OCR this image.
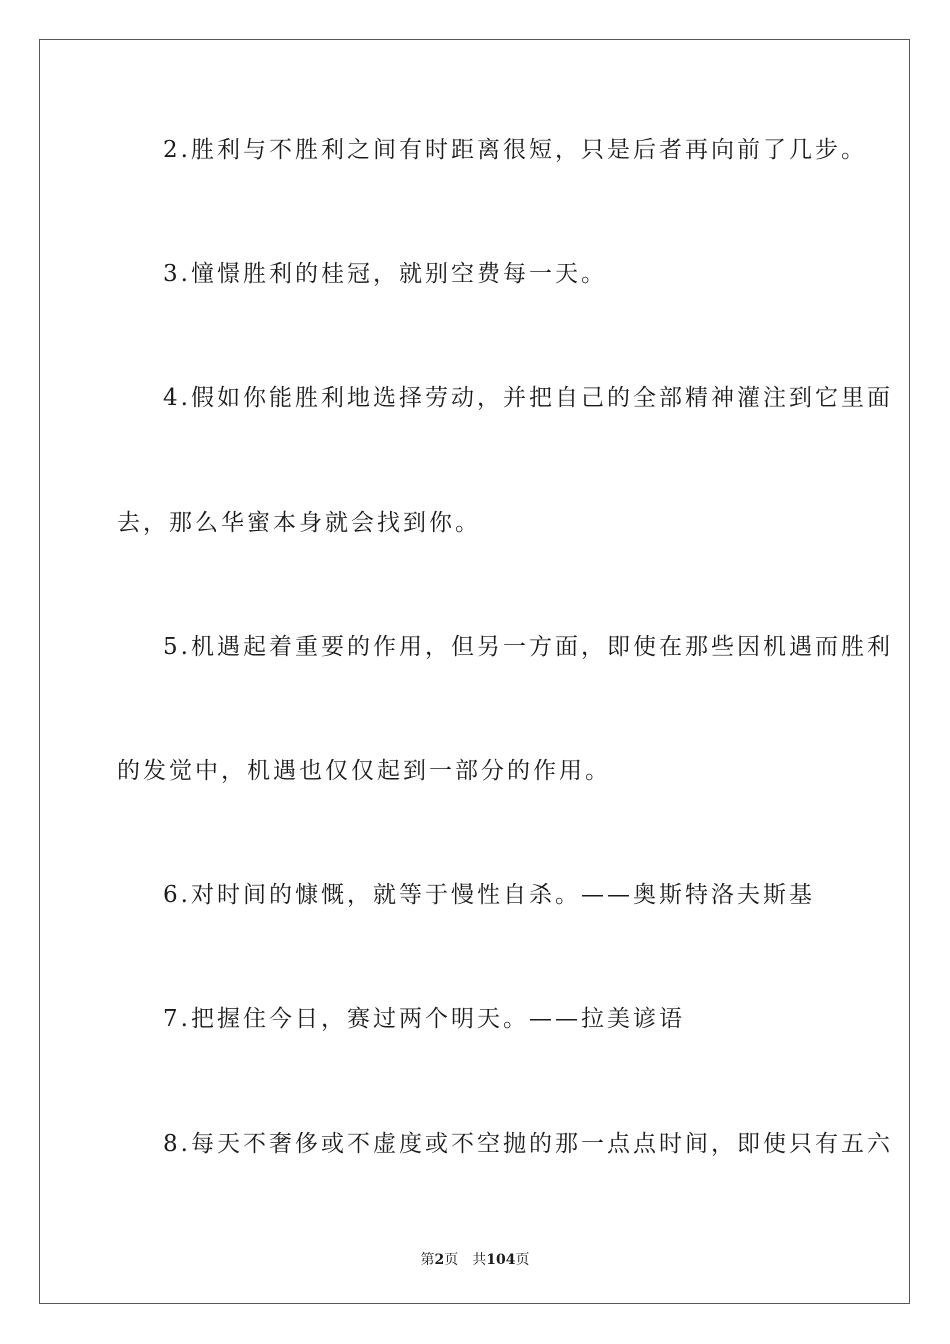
2.胜利与不胜利之间有时距离很短，只是后者再向前了几步。
3.憧憬胜利的桂冠，就别空费每一天。
4.假如你能胜利地选择劳动，并把自己的全部精神灌注到它里面
去，那么华蜜本身就会找到你。
5.机遇起着重要的作用，但另一方面，即使在那些因机遇而胜利
的发觉中，机遇也仅仅起到一部分的作用。
6.对时间的慷慨，就等于慢性自杀。——奥斯特洛夫斯基
7.把握住今日，赛过两个明天。——拉美谚语
8.每天不奢侈或不虚度或不空抛的那一点点时间，即使只有五六
第2页 共104页
